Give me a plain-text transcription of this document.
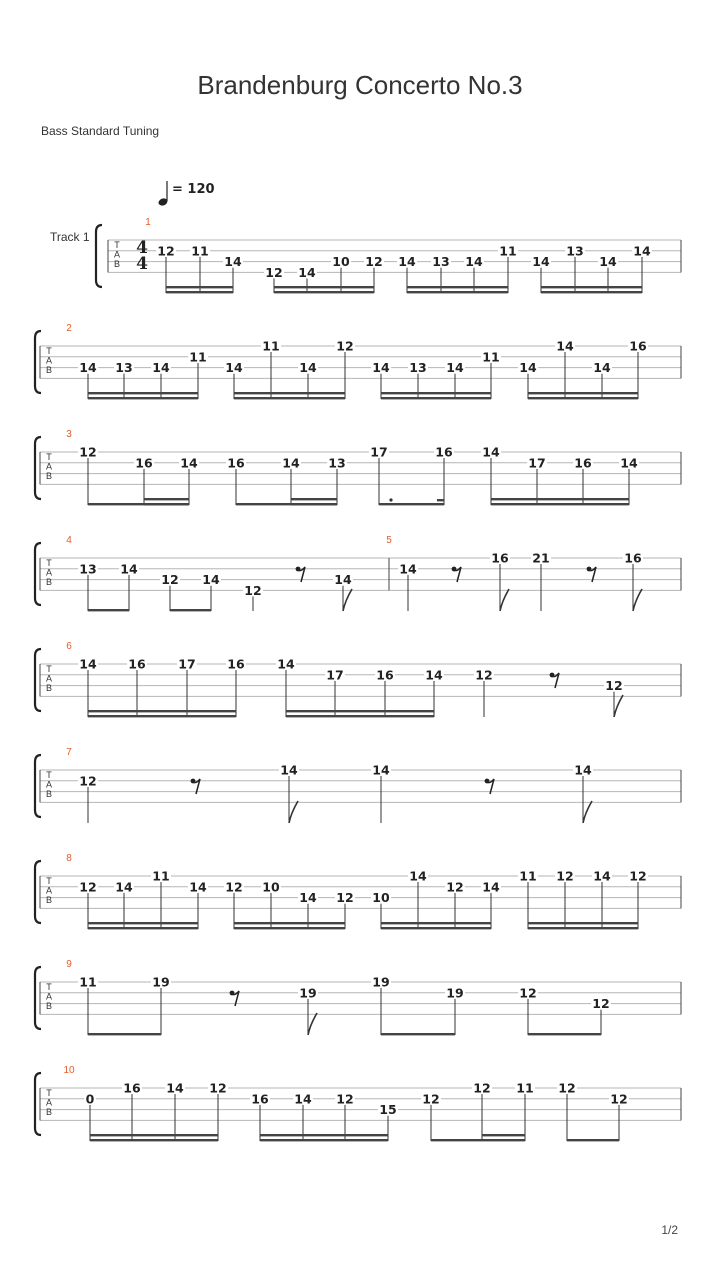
Brandenburg Concerto No.3
Bass Standard Tuning
1/2
Track 1
= 120
T
A
B
4
4
1
12 11
14
12 14
10 12 14 13 14
11
14
13
14
14
T
A
B
2
14 13 14
11
14
11
14
12
14 13 14
11
14
14
14
16
T
A
B
3
12
16 14 16	14 13
17	16 14
17 16 14
T
A
B
4	5
13 14
12 14
12
14
14
16 21	16
T
A
B
6
14	16	17	16	14
17	16	14	12
12
T
A
B
7
12
14	14	14
T
A
B
8
12 14
11
14 12 10
14 12 10
14
12 14
11 12 14 12
T
A
B
9
11	19
19
19
19	12
12
T
A
B
10
0
16 14 12
16 14 12
15
12
12 11 12
12
